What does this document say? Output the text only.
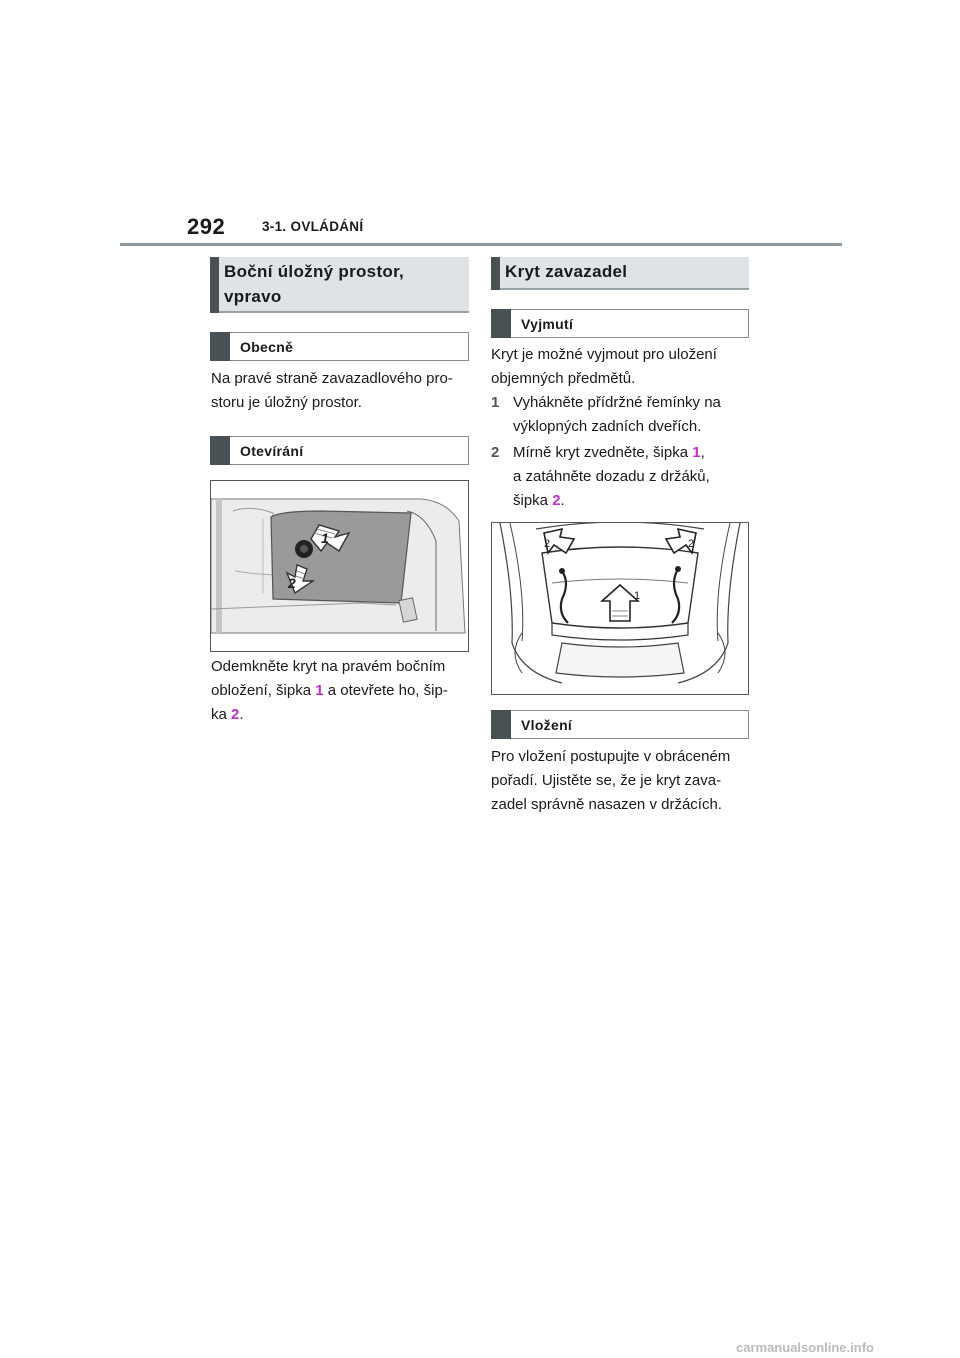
292	3-1. OVLÁDÁNÍ
Boční úložný prostor,
vpravo
Obecně
Na pravé straně zavazadlového pro-
storu je úložný prostor.
Otevírání
1
2
Odemkněte kryt na pravém bočním
obložení, šipka 1 a otevřete ho, šip-
ka 2.
Kryt zavazadel
Vyjmutí
Kryt je možné vyjmout pro uložení
objemných předmětů.
1 Vyhákněte přídržné řemínky na
výklopných zadních dveřích.
2 Mírně kryt zvedněte, šipka 1,
a zatáhněte dozadu z držáků,
šipka 2.
2	2
1
Vložení
Pro vložení postupujte v obráceném
pořadí. Ujistěte se, že je kryt zava-
zadel správně nasazen v držácích.
carmanualsonline.info
